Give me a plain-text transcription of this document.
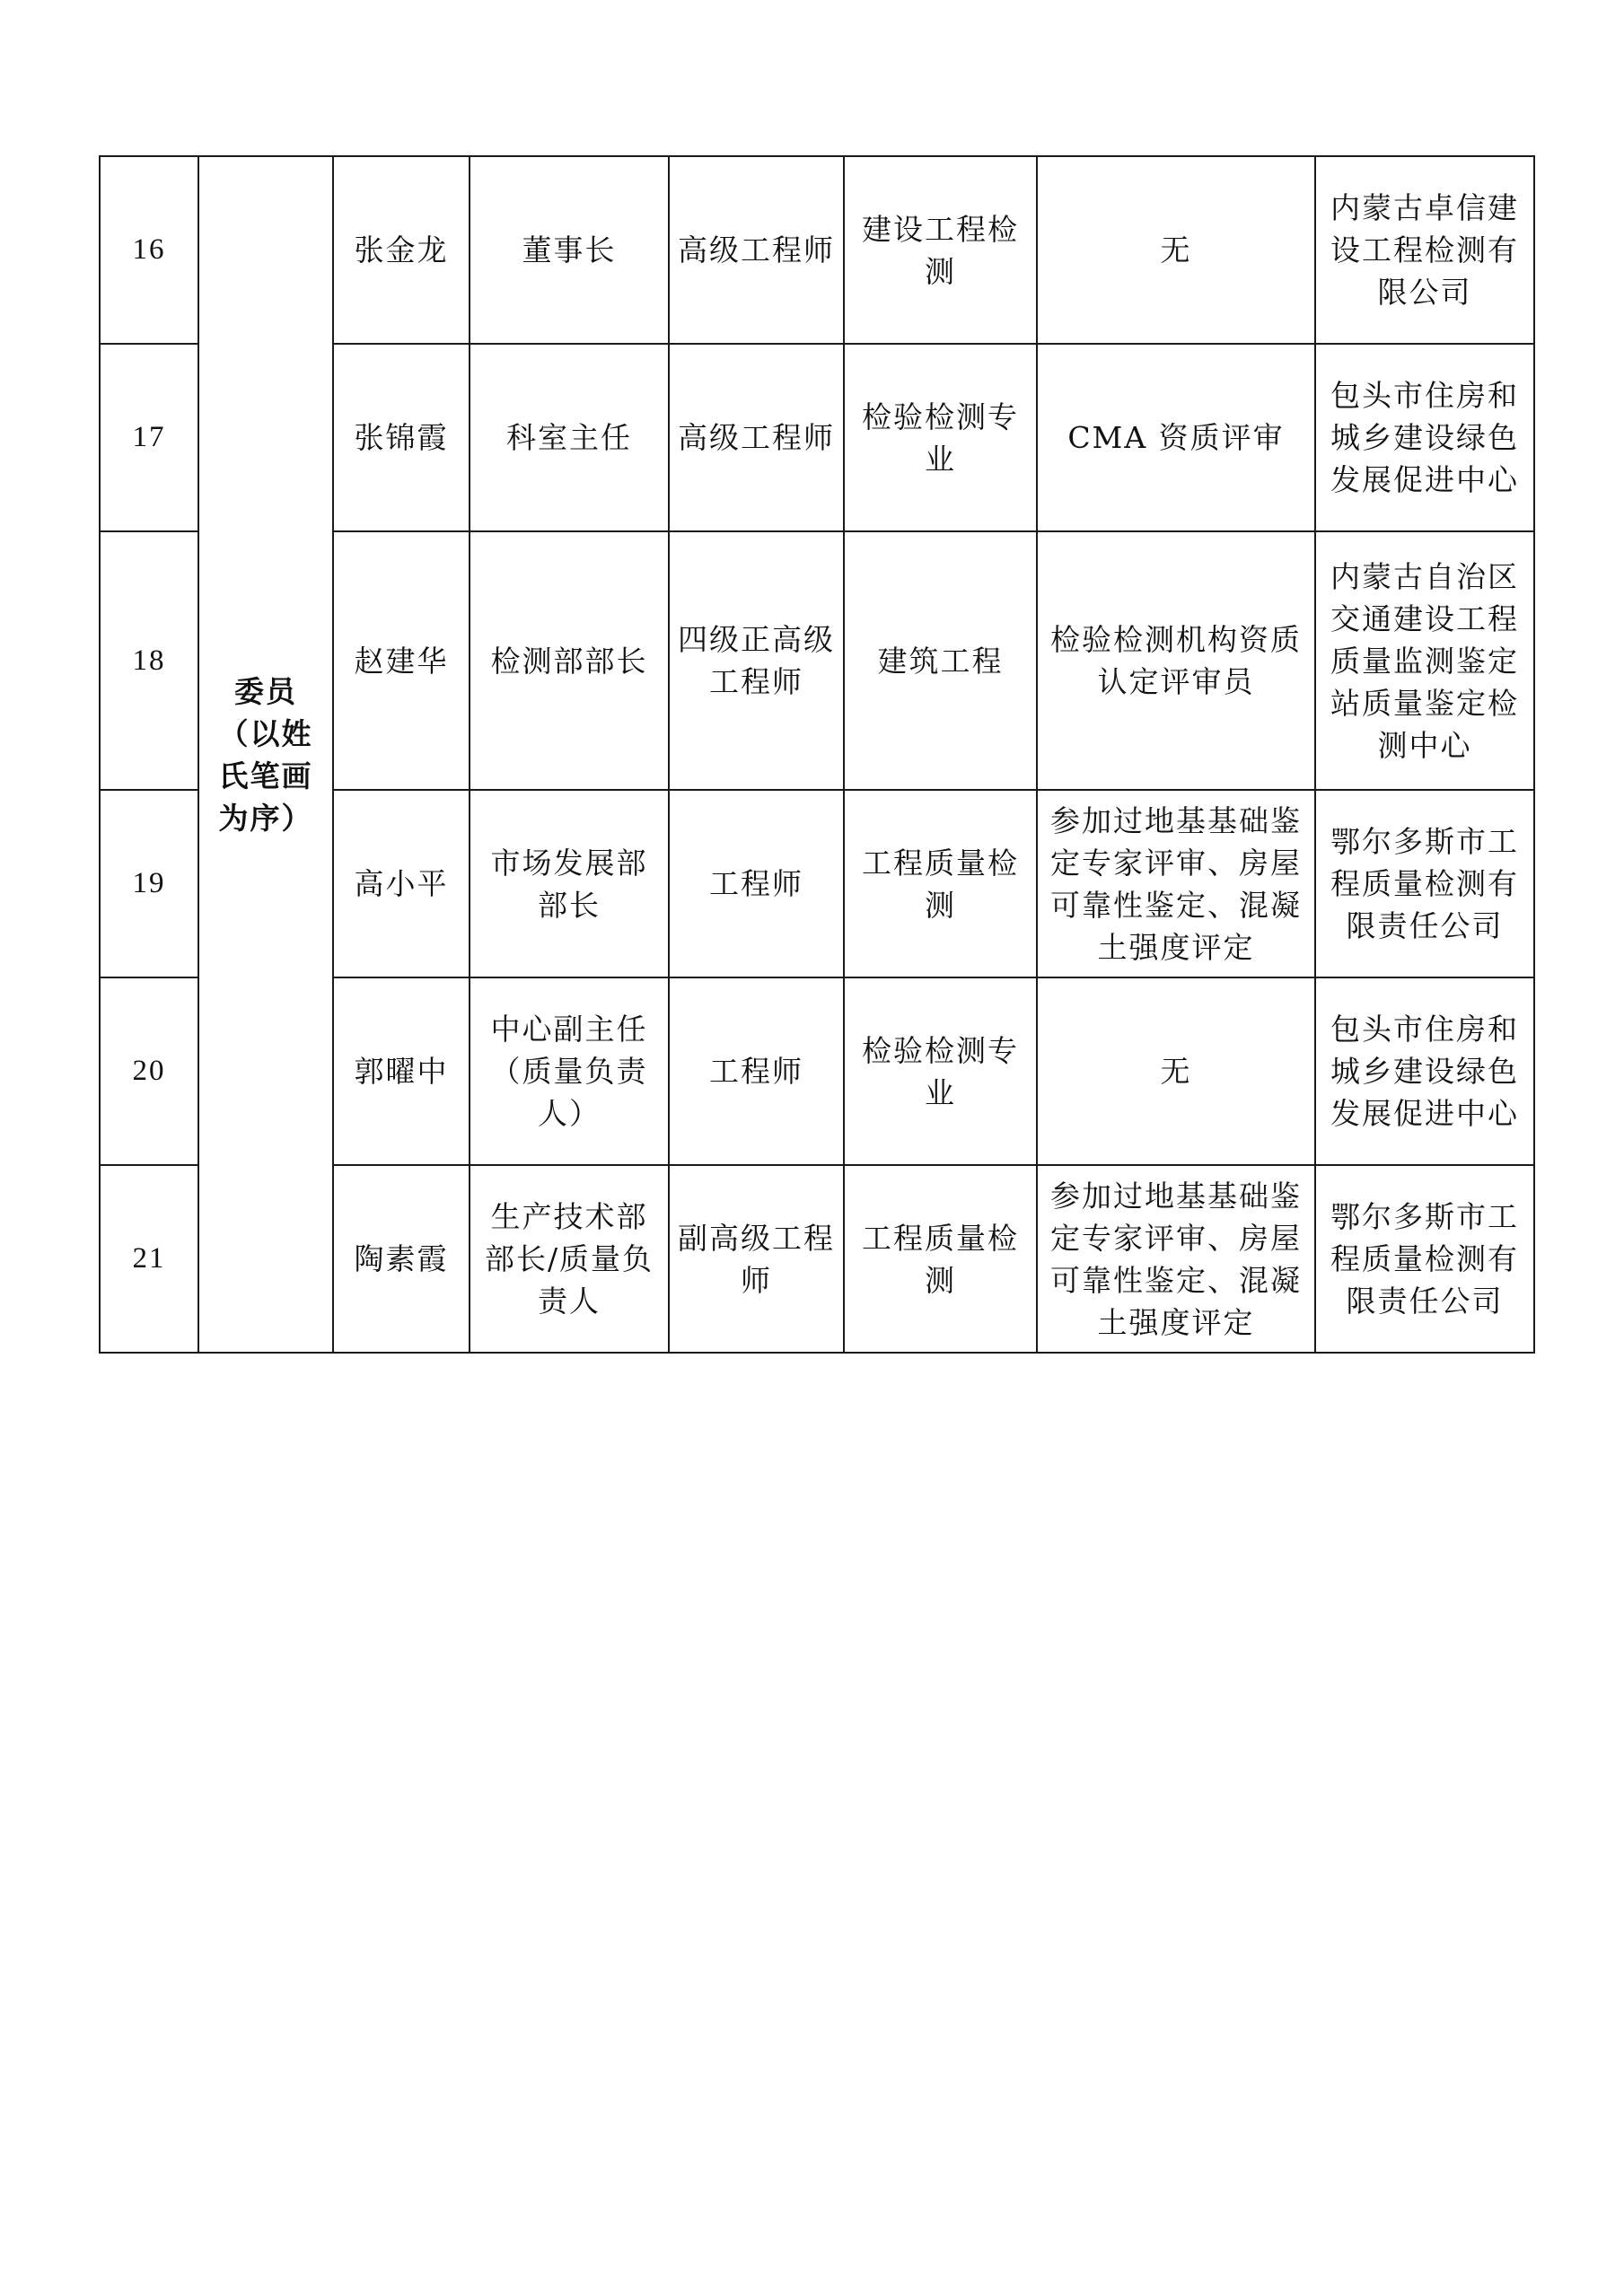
16	委员（以姓氏笔画为序）	张金龙	董事长	高级工程师	建设工程检测	无	内蒙古卓信建设工程检测有限公司
17		张锦霞	科室主任	高级工程师	检验检测专业	CMA 资质评审	包头市住房和城乡建设绿色发展促进中心
18		赵建华	检测部部长	四级正高级工程师	建筑工程	检验检测机构资质认定评审员	内蒙古自治区交通建设工程质量监测鉴定站质量鉴定检测中心
19		高小平	市场发展部部长	工程师	工程质量检测	参加过地基基础鉴定专家评审、房屋可靠性鉴定、混凝土强度评定	鄂尔多斯市工程质量检测有限责任公司
20		郭曜中	中心副主任（质量负责人）	工程师	检验检测专业	无	包头市住房和城乡建设绿色发展促进中心
21		陶素霞	生产技术部部长/质量负责人	副高级工程师	工程质量检测	参加过地基基础鉴定专家评审、房屋可靠性鉴定、混凝土强度评定	鄂尔多斯市工程质量检测有限责任公司
